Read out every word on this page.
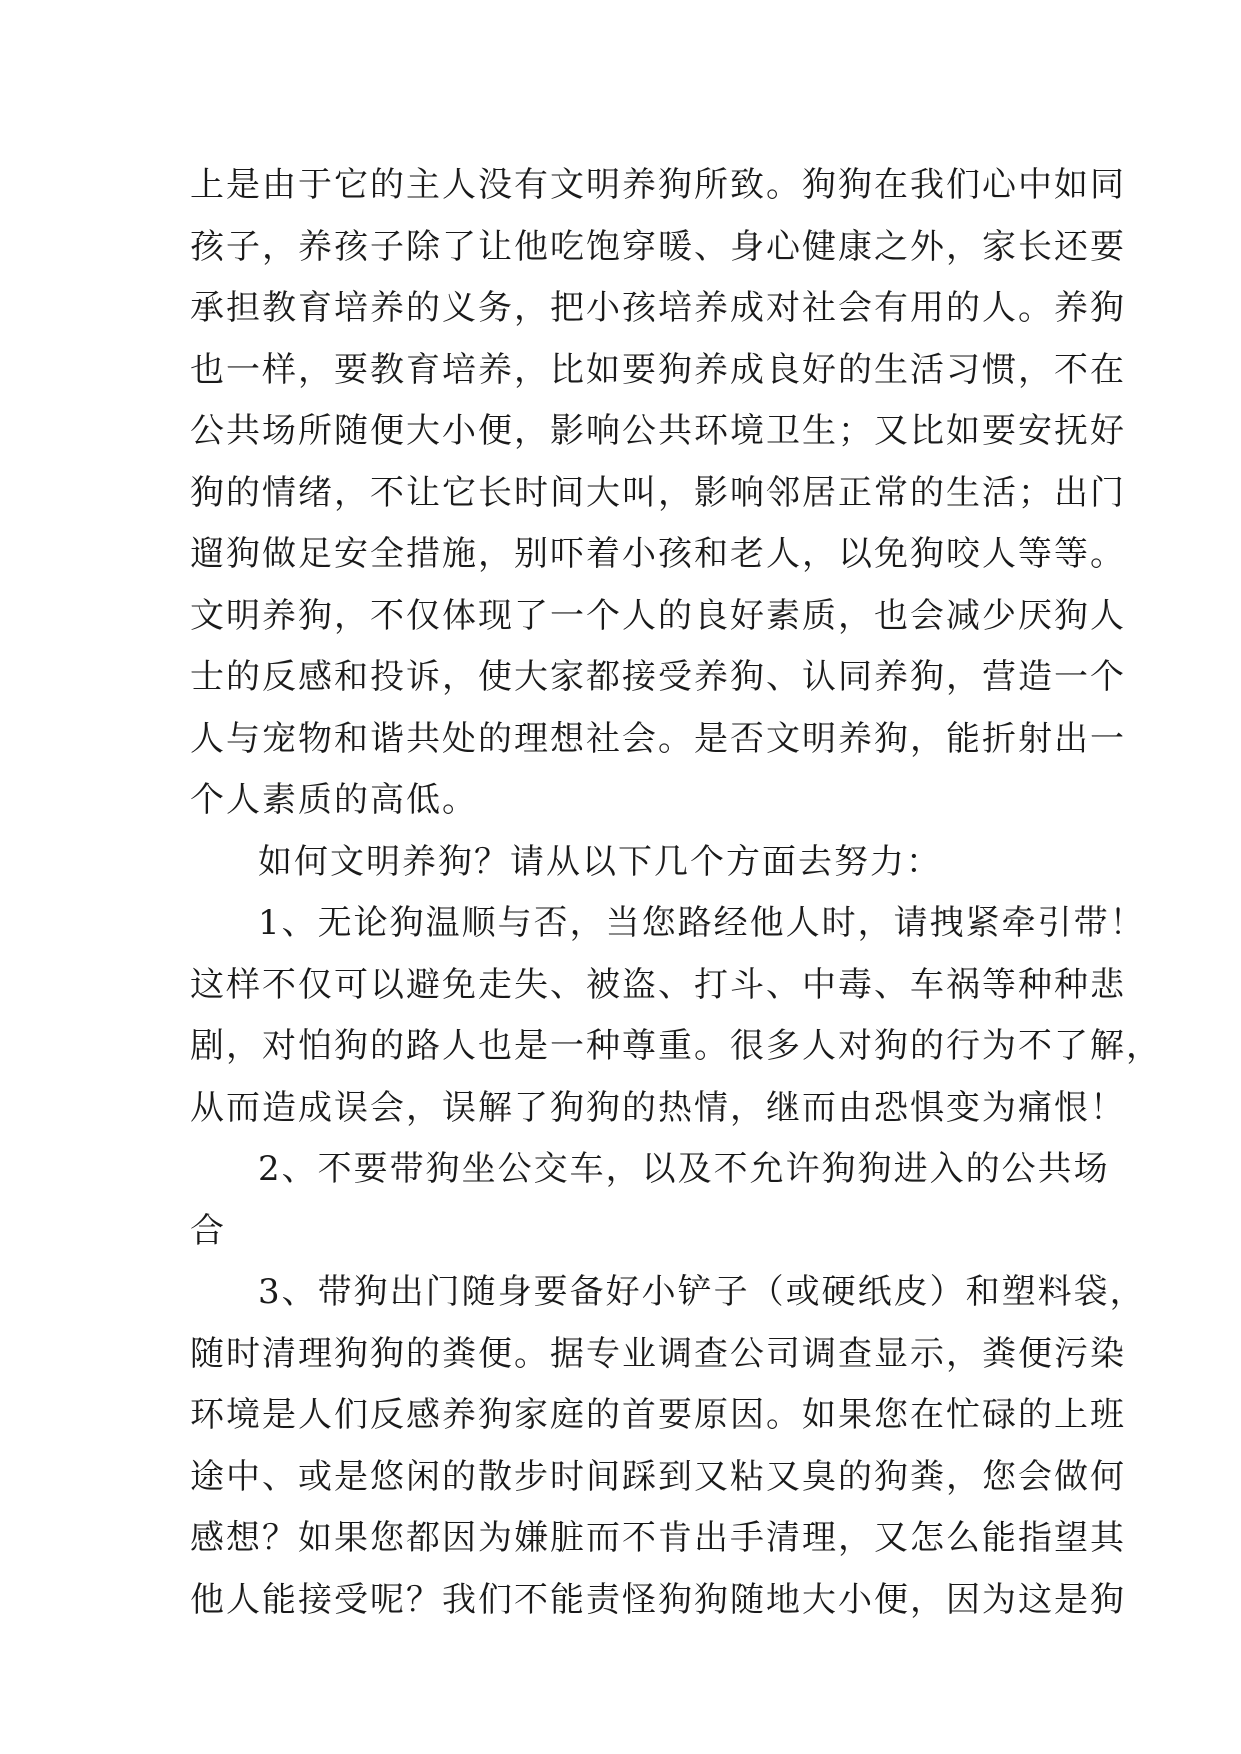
上是由于它的主人没有文明养狗所致。狗狗在我们心中如同

孩子，养孩子除了让他吃饱穿暖、身心健康之外，家长还要

承担教育培养的义务，把小孩培养成对社会有用的人。养狗

也一样，要教育培养，比如要狗养成良好的生活习惯，不在

公共场所随便大小便，影响公共环境卫生；又比如要安抚好

狗的情绪，不让它长时间大叫，影响邻居正常的生活；出门

遛狗做足安全措施，别吓着小孩和老人，以免狗咬人等等。

文明养狗，不仅体现了一个人的良好素质，也会减少厌狗人

士的反感和投诉，使大家都接受养狗、认同养狗，营造一个

人与宠物和谐共处的理想社会。是否文明养狗，能折射出一

个人素质的高低。

如何文明养狗？请从以下几个方面去努力：

1、无论狗温顺与否，当您路经他人时，请拽紧牵引带！

这样不仅可以避免走失、被盗、打斗、中毒、车祸等种种悲

剧，对怕狗的路人也是一种尊重。很多人对狗的行为不了解，

从而造成误会，误解了狗狗的热情，继而由恐惧变为痛恨！

2、不要带狗坐公交车，以及不允许狗狗进入的公共场

合

3、带狗出门随身要备好小铲子（或硬纸皮）和塑料袋，

随时清理狗狗的粪便。据专业调查公司调查显示，粪便污染

环境是人们反感养狗家庭的首要原因。如果您在忙碌的上班

途中、或是悠闲的散步时间踩到又粘又臭的狗粪，您会做何

感想？如果您都因为嫌脏而不肯出手清理，又怎么能指望其

他人能接受呢？我们不能责怪狗狗随地大小便，因为这是狗
